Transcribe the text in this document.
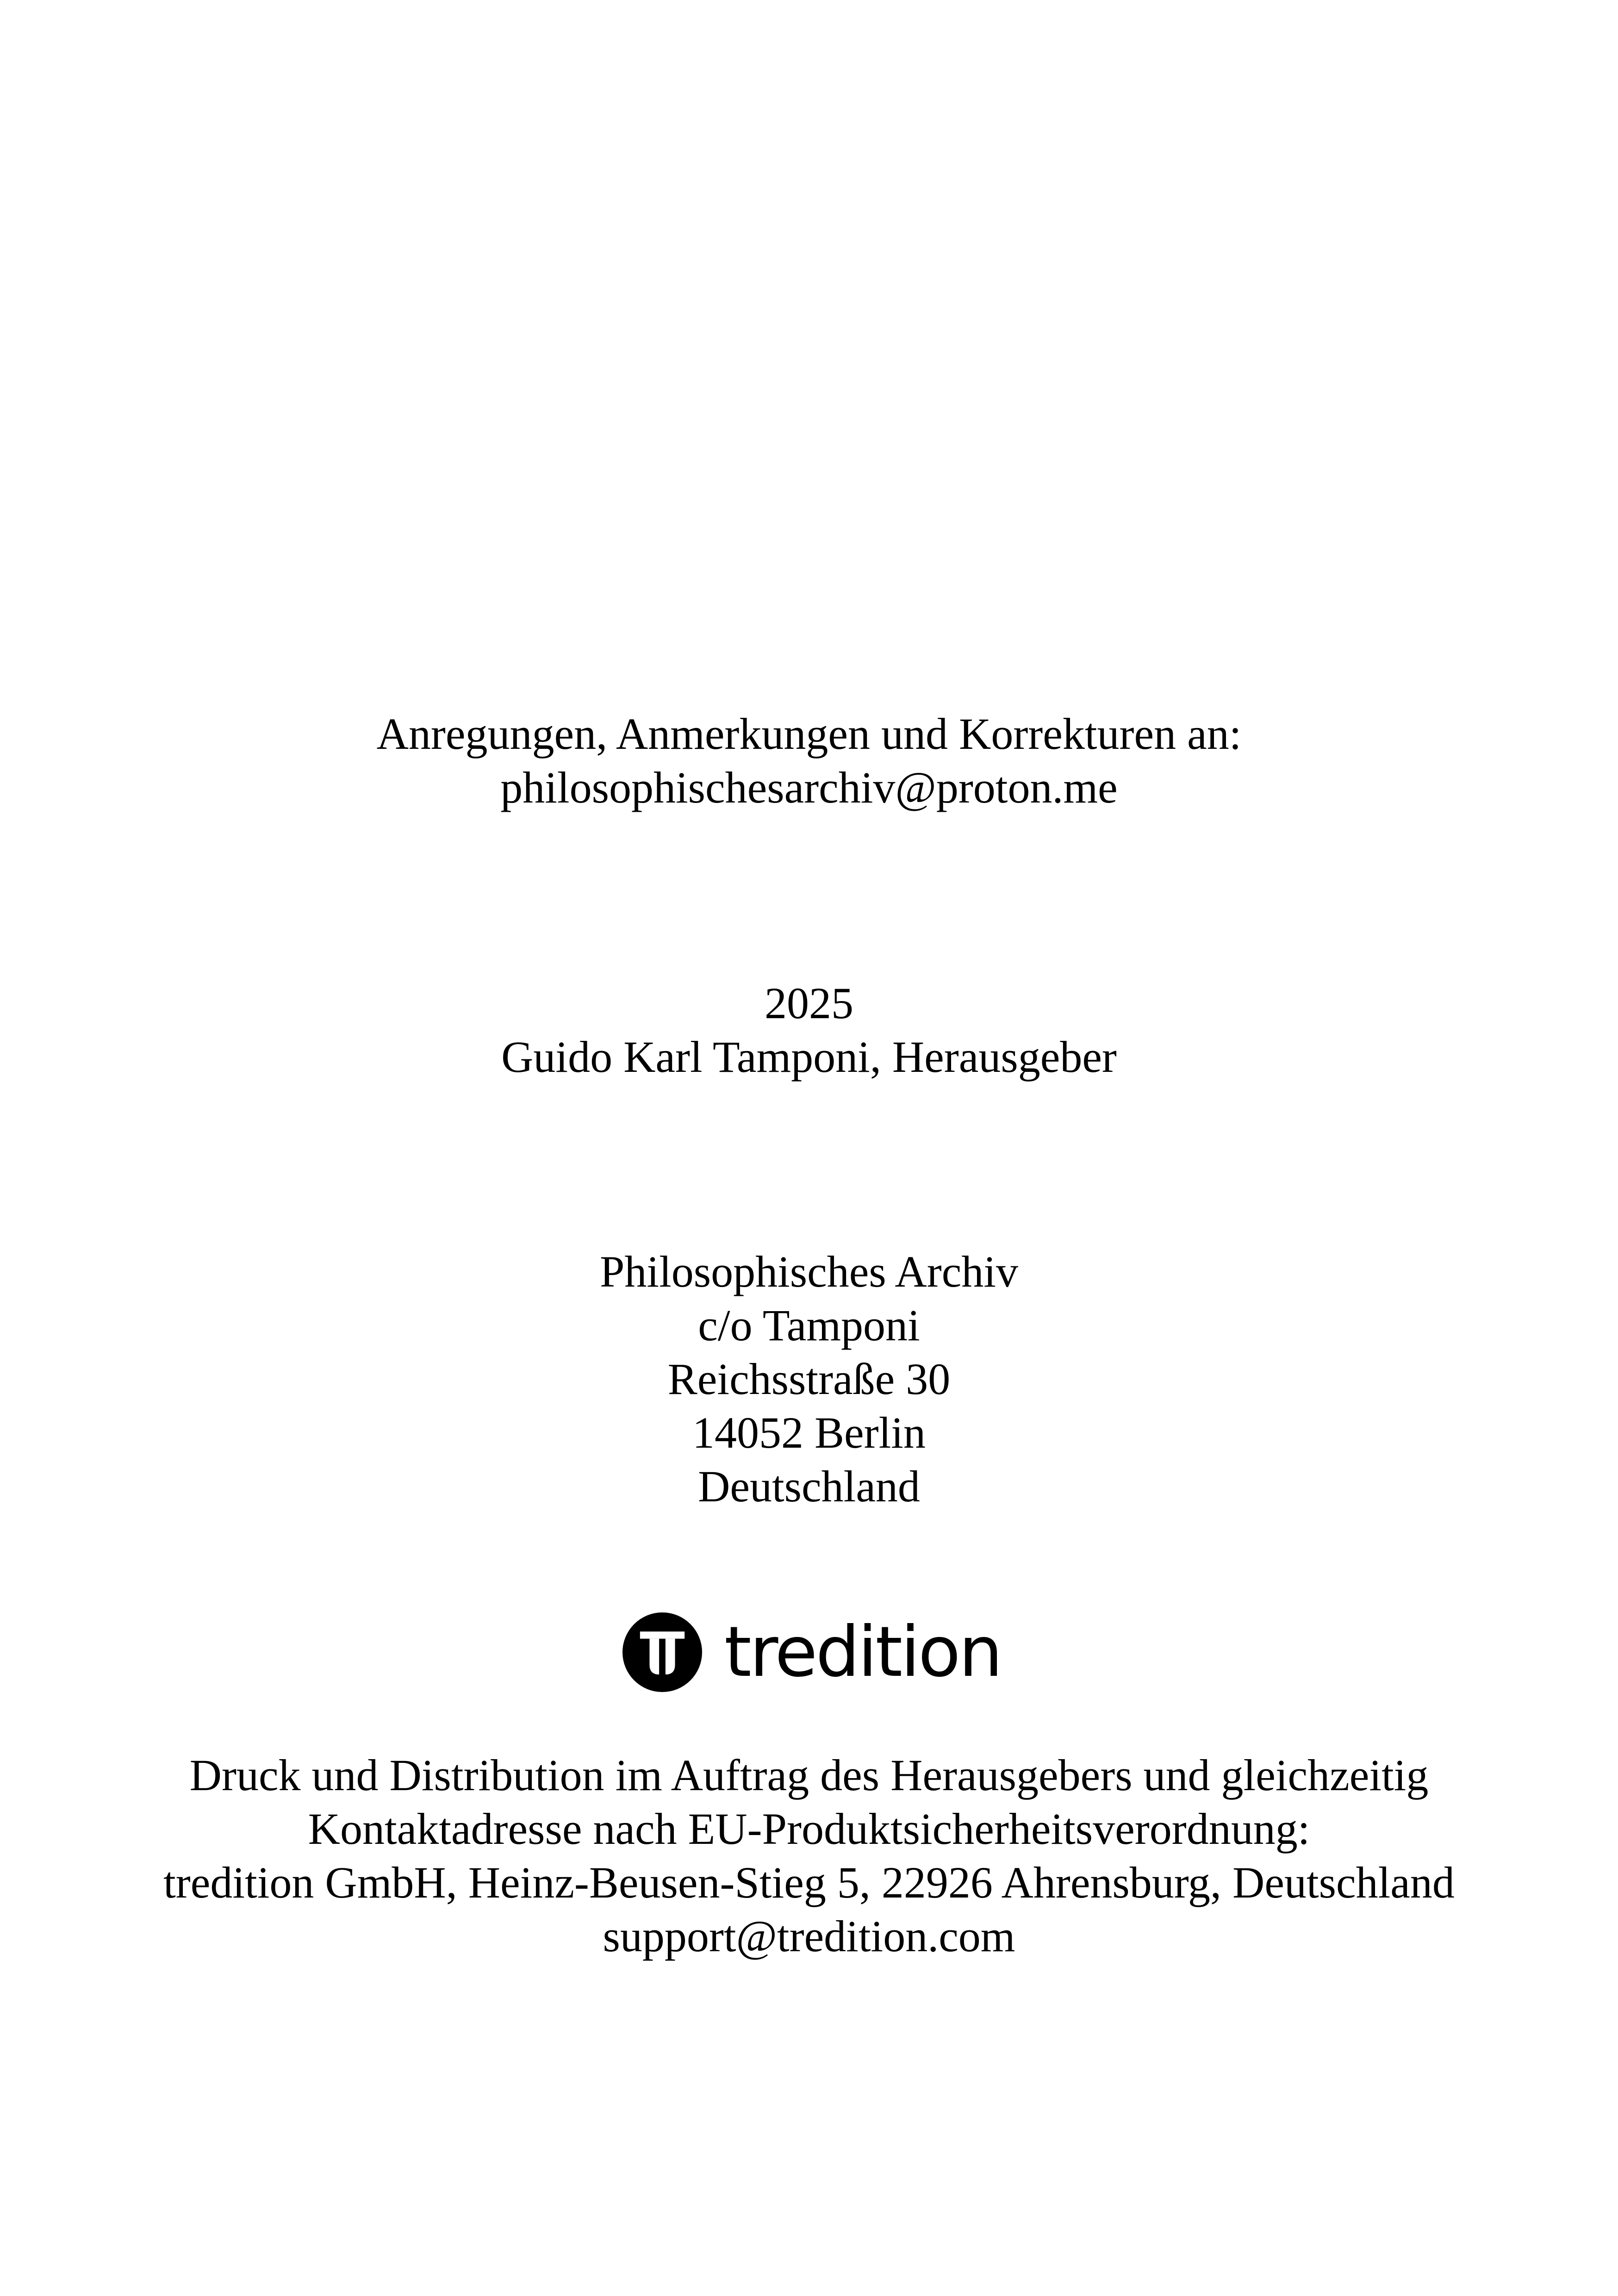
Anregungen, Anmerkungen und Korrekturen an:
philosophischesarchiv@proton.me
2025
Guido Karl Tamponi, Herausgeber
Philosophisches Archiv
c/o Tamponi
Reichsstraße 30
14052 Berlin
Deutschland
tredition
Druck und Distribution im Auftrag des Herausgebers und gleichzeitig
Kontaktadresse nach EU-Produktsicherheitsverordnung:
tredition GmbH, Heinz-Beusen-Stieg 5, 22926 Ahrensburg, Deutschland
support@tredition.com
